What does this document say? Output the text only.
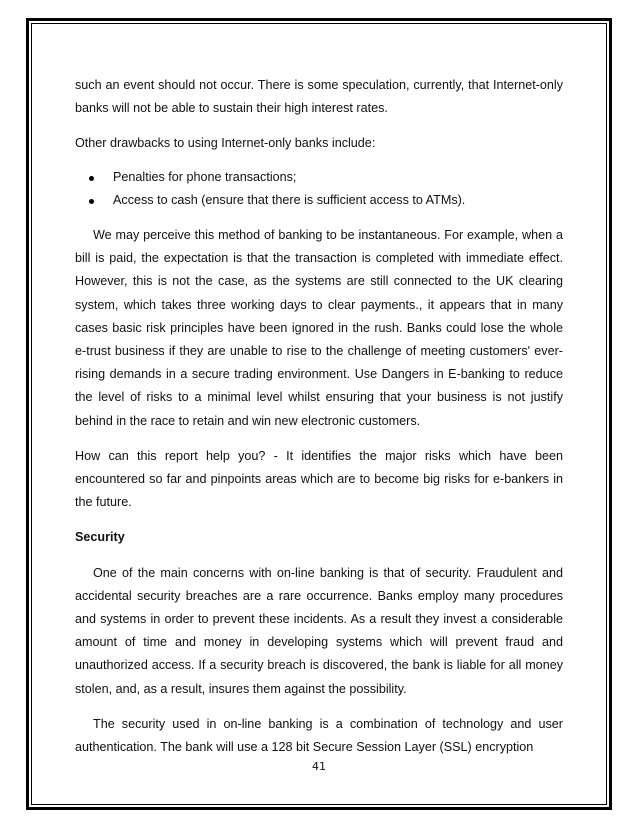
such an event should not occur. There is some speculation, currently, that Internet-only banks will not be able to sustain their high interest rates.

Other drawbacks to using Internet-only banks include:

Penalties for phone transactions;
Access to cash (ensure that there is sufficient access to ATMs).

We may perceive this method of banking to be instantaneous. For example, when a bill is paid, the expectation is that the transaction is completed with immediate effect. However, this is not the case, as the systems are still connected to the UK clearing system, which takes three working days to clear payments., it appears that in many cases basic risk principles have been ignored in the rush. Banks could lose the whole e-trust business if they are unable to rise to the challenge of meeting customers' ever-rising demands in a secure trading environment. Use Dangers in E-banking to reduce the level of risks to a minimal level whilst ensuring that your business is not justify behind in the race to retain and win new electronic customers.

How can this report help you? - It identifies the major risks which have been encountered so far and pinpoints areas which are to become big risks for e-bankers in the future.

Security

One of the main concerns with on-line banking is that of security. Fraudulent and accidental security breaches are a rare occurrence. Banks employ many procedures and systems in order to prevent these incidents. As a result they invest a considerable amount of time and money in developing systems which will prevent fraud and unauthorized access. If a security breach is discovered, the bank is liable for all money stolen, and, as a result, insures them against the possibility.

The security used in on-line banking is a combination of technology and user authentication. The bank will use a 128 bit Secure Session Layer (SSL) encryption

41
